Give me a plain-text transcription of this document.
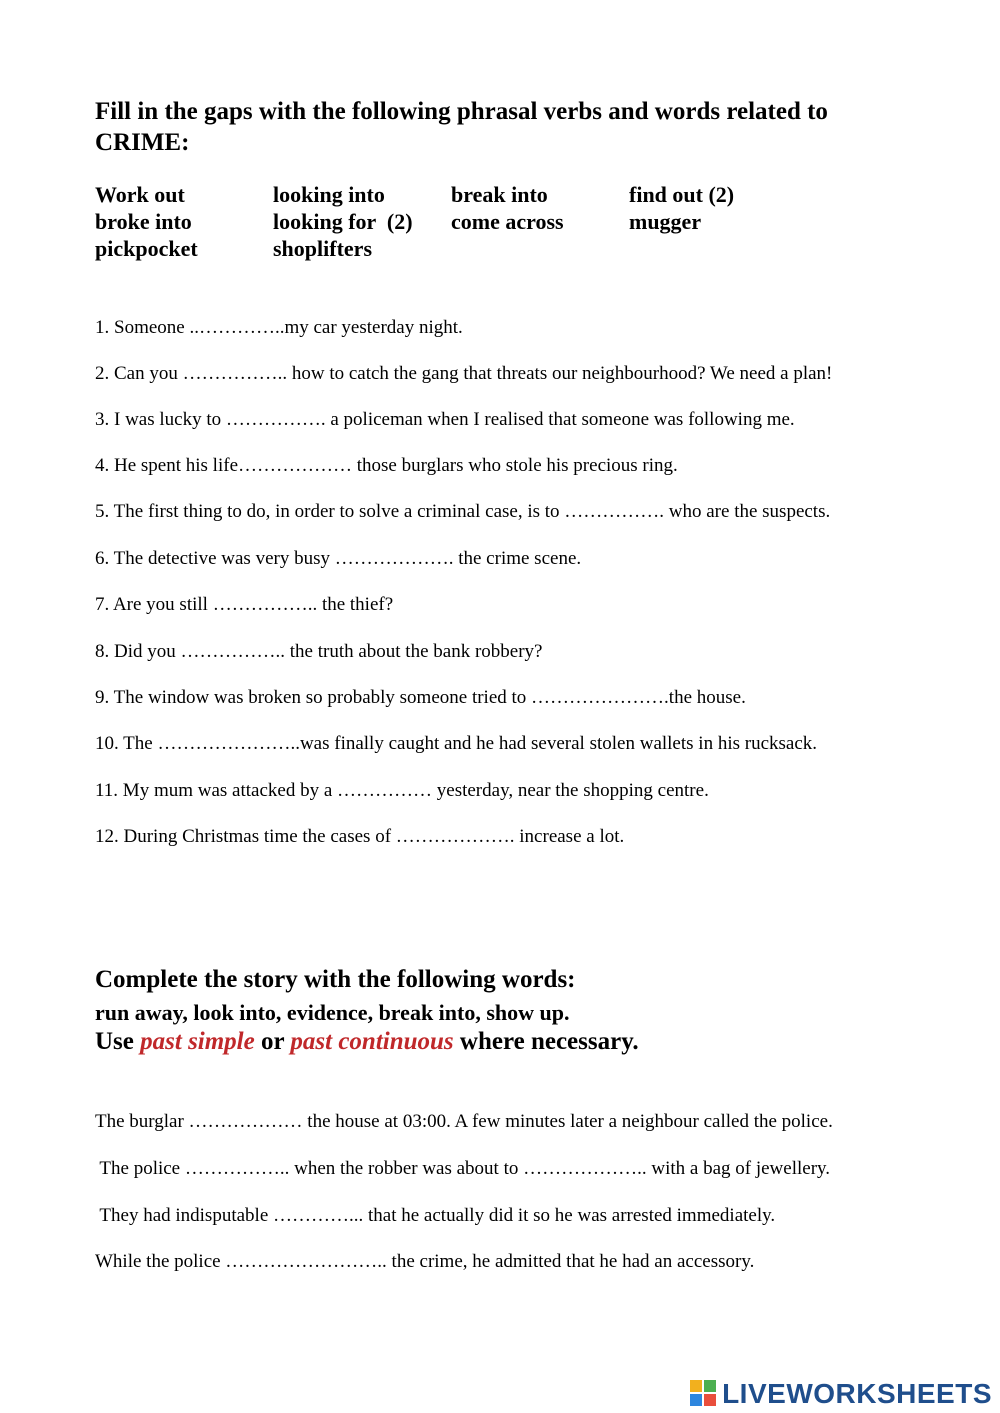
Fill in the gaps with the following phrasal verbs and words related to
CRIME:
Work out	looking into	break into	find out (2)
broke into	looking for  (2)	come across	mugger
pickpocket	shoplifters
1. Someone ..…………..my car yesterday night.
2. Can you …………….. how to catch the gang that threats our neighbourhood? We need a plan!
3. I was lucky to ……………. a policeman when I realised that someone was following me.
4. He spent his life……………… those burglars who stole his precious ring.
5. The first thing to do, in order to solve a criminal case, is to ……………. who are the suspects.
6. The detective was very busy ………………. the crime scene.
7. Are you still …………….. the thief?
8. Did you …………….. the truth about the bank robbery?
9. The window was broken so probably someone tried to ………………….the house.
10. The …………………..was finally caught and he had several stolen wallets in his rucksack.
11. My mum was attacked by a …………… yesterday, near the shopping centre.
12. During Christmas time the cases of ………………. increase a lot.
Complete the story with the following words:
run away, look into, evidence, break into, show up.
Use past simple or past continuous where necessary.
The burglar ……………… the house at 03:00. A few minutes later a neighbour called the police.
The police …………….. when the robber was about to ……………….. with a bag of jewellery.
They had indisputable …………... that he actually did it so he was arrested immediately.
While the police …………………….. the crime, he admitted that he had an accessory.
LIVEWORKSHEETS
